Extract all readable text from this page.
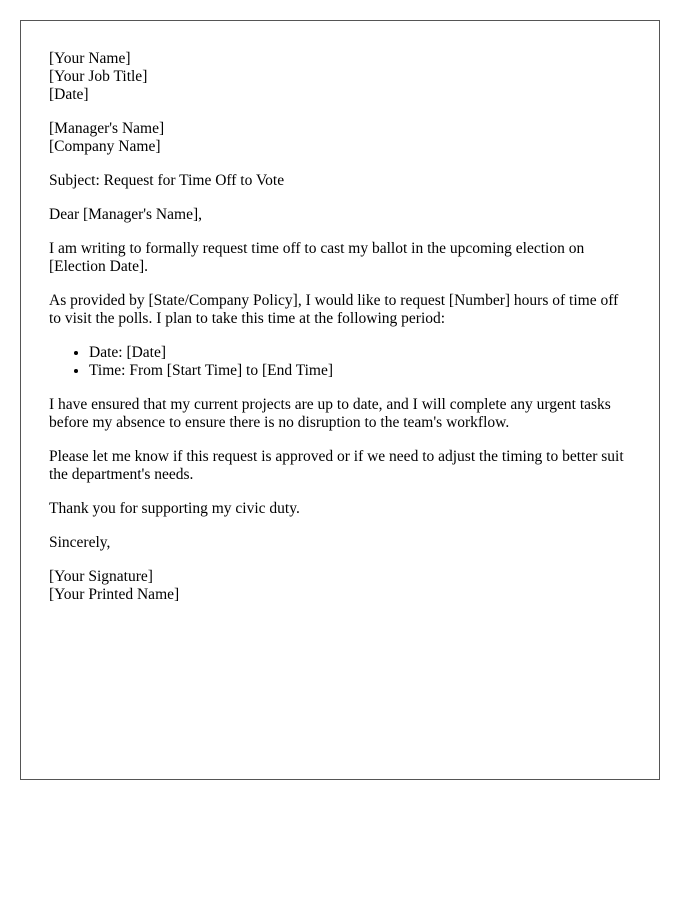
[Your Name]

[Your Job Title]

[Date]

[Manager's Name]

[Company Name]

Subject: Request for Time Off to Vote

Dear [Manager's Name],

I am writing to formally request time off to cast my ballot in the upcoming election on [Election Date].

As provided by [State/Company Policy], I would like to request [Number] hours of time off to visit the polls. I plan to take this time at the following period:

• Date: [Date]
• Time: From [Start Time] to [End Time]

I have ensured that my current projects are up to date, and I will complete any urgent tasks before my absence to ensure there is no disruption to the team's workflow.

Please let me know if this request is approved or if we need to adjust the timing to better suit the department's needs.

Thank you for supporting my civic duty.

Sincerely,

[Your Signature]

[Your Printed Name]
